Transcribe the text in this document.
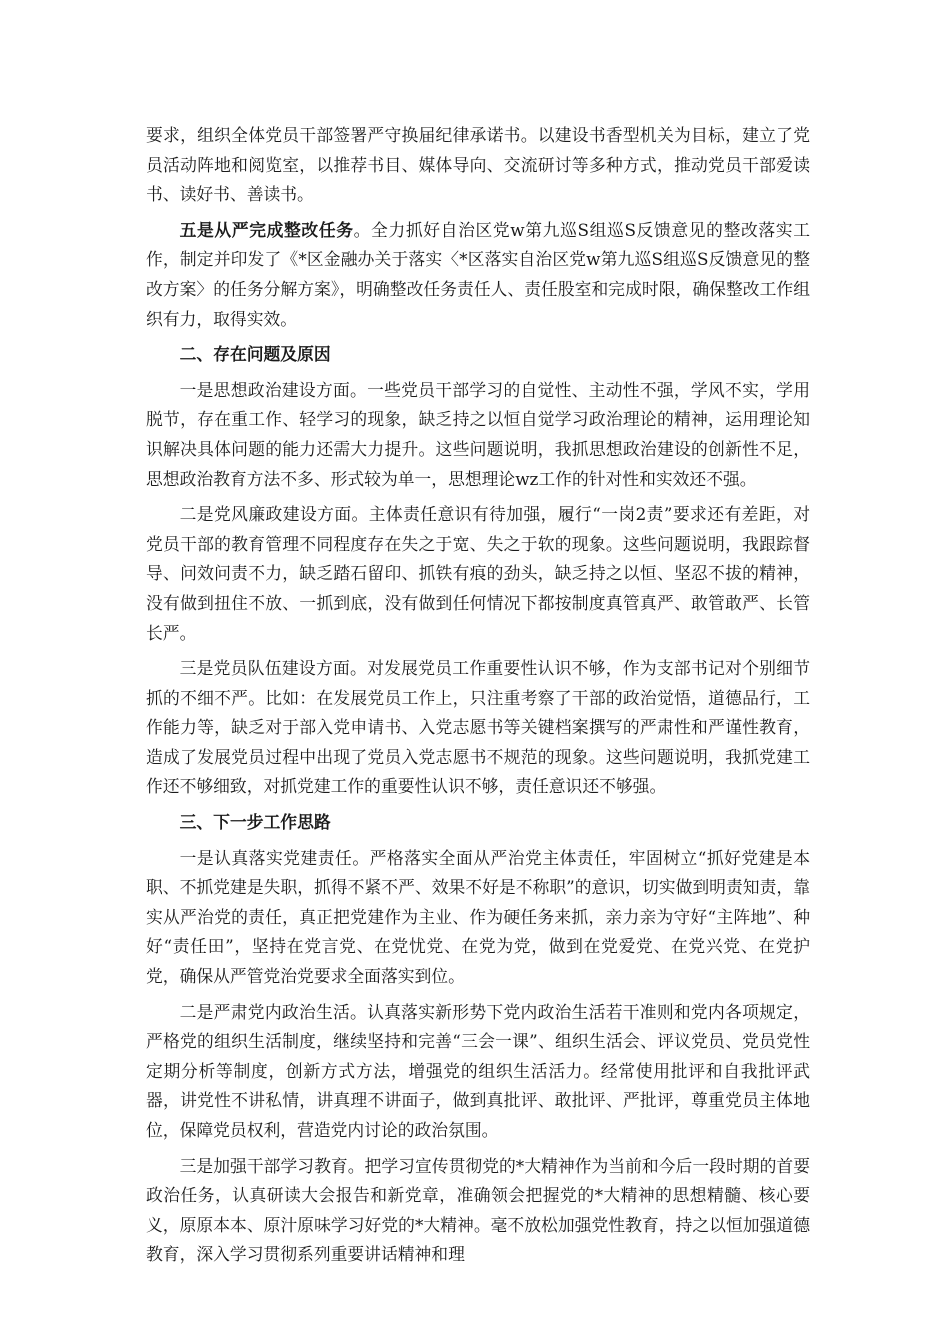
要求，组织全体党员干部签署严守换届纪律承诺书。以建设书香型机关为目标，建立了党员活动阵地和阅览室，以推荐书目、媒体导向、交流研讨等多种方式，推动党员干部爱读书、读好书、善读书。

五是从严完成整改任务。全力抓好自治区党w第九巡S组巡S反馈意见的整改落实工作，制定并印发了《*区金融办关于落实〈*区落实自治区党w第九巡S组巡S反馈意见的整改方案〉的任务分解方案》，明确整改任务责任人、责任股室和完成时限，确保整改工作组织有力，取得实效。

二、存在问题及原因

一是思想政治建设方面。一些党员干部学习的自觉性、主动性不强，学风不实，学用脱节，存在重工作、轻学习的现象，缺乏持之以恒自觉学习政治理论的精神，运用理论知识解决具体问题的能力还需大力提升。这些问题说明，我抓思想政治建设的创新性不足，思想政治教育方法不多、形式较为单一，思想理论wz工作的针对性和实效还不强。

二是党风廉政建设方面。主体责任意识有待加强，履行“一岗2责”要求还有差距，对党员干部的教育管理不同程度存在失之于宽、失之于软的现象。这些问题说明，我跟踪督导、问效问责不力，缺乏踏石留印、抓铁有痕的劲头，缺乏持之以恒、坚忍不拔的精神，没有做到扭住不放、一抓到底，没有做到任何情况下都按制度真管真严、敢管敢严、长管长严。

三是党员队伍建设方面。对发展党员工作重要性认识不够，作为支部书记对个别细节抓的不细不严。比如：在发展党员工作上，只注重考察了干部的政治觉悟，道德品行，工作能力等，缺乏对于部入党申请书、入党志愿书等关键档案撰写的严肃性和严谨性教育，造成了发展党员过程中出现了党员入党志愿书不规范的现象。这些问题说明，我抓党建工作还不够细致，对抓党建工作的重要性认识不够，责任意识还不够强。

三、下一步工作思路

一是认真落实党建责任。严格落实全面从严治党主体责任，牢固树立“抓好党建是本职、不抓党建是失职，抓得不紧不严、效果不好是不称职”的意识，切实做到明责知责，靠实从严治党的责任，真正把党建作为主业、作为硬任务来抓，亲力亲为守好“主阵地”、种好“责任田”，坚持在党言党、在党忧党、在党为党，做到在党爱党、在党兴党、在党护党，确保从严管党治党要求全面落实到位。

二是严肃党内政治生活。认真落实新形势下党内政治生活若干准则和党内各项规定，严格党的组织生活制度，继续坚持和完善“三会一课”、组织生活会、评议党员、党员党性定期分析等制度，创新方式方法，增强党的组织生活活力。经常使用批评和自我批评武器，讲党性不讲私情，讲真理不讲面子，做到真批评、敢批评、严批评，尊重党员主体地位，保障党员权利，营造党内讨论的政治氛围。

三是加强干部学习教育。把学习宣传贯彻党的*大精神作为当前和今后一段时期的首要政治任务，认真研读大会报告和新党章，准确领会把握党的*大精神的思想精髓、核心要义，原原本本、原汁原味学习好党的*大精神。毫不放松加强党性教育，持之以恒加强道德教育，深入学习贯彻系列重要讲话精神和理
